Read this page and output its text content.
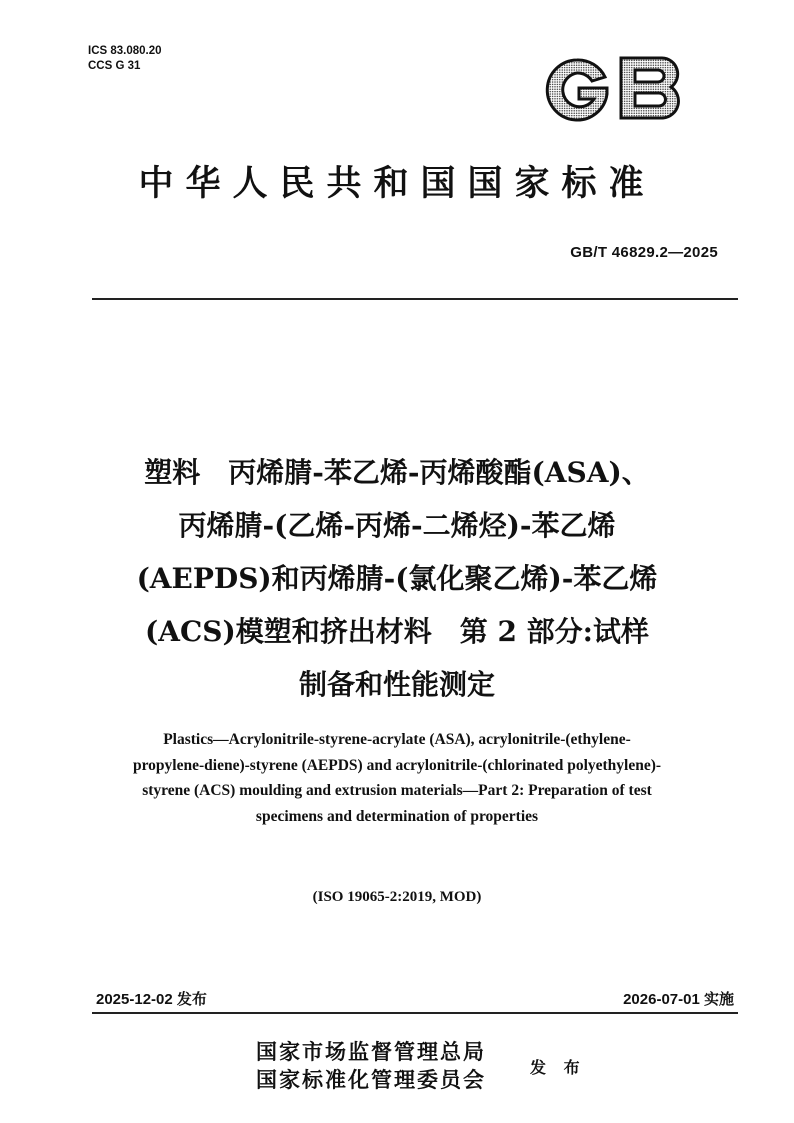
ICS 83.080.20
CCS G 31
GB
中华人民共和国国家标准
GB/T 46829.2—2025
塑料　丙烯腈-苯乙烯-丙烯酸酯(ASA)、
丙烯腈-(乙烯-丙烯-二烯烃)-苯乙烯
(AEPDS)和丙烯腈-(氯化聚乙烯)-苯乙烯
(ACS)模塑和挤出材料　第 2 部分:试样
制备和性能测定
Plastics—Acrylonitrile-styrene-acrylate (ASA), acrylonitrile-(ethylene-
propylene-diene)-styrene (AEPDS) and acrylonitrile-(chlorinated polyethylene)-
styrene (ACS) moulding and extrusion materials—Part 2: Preparation of test
specimens and determination of properties
(ISO 19065-2:2019, MOD)
2025-12-02 发布	2026-07-01 实施
国家市场监督管理总局
国家标准化管理委员会
发 布
